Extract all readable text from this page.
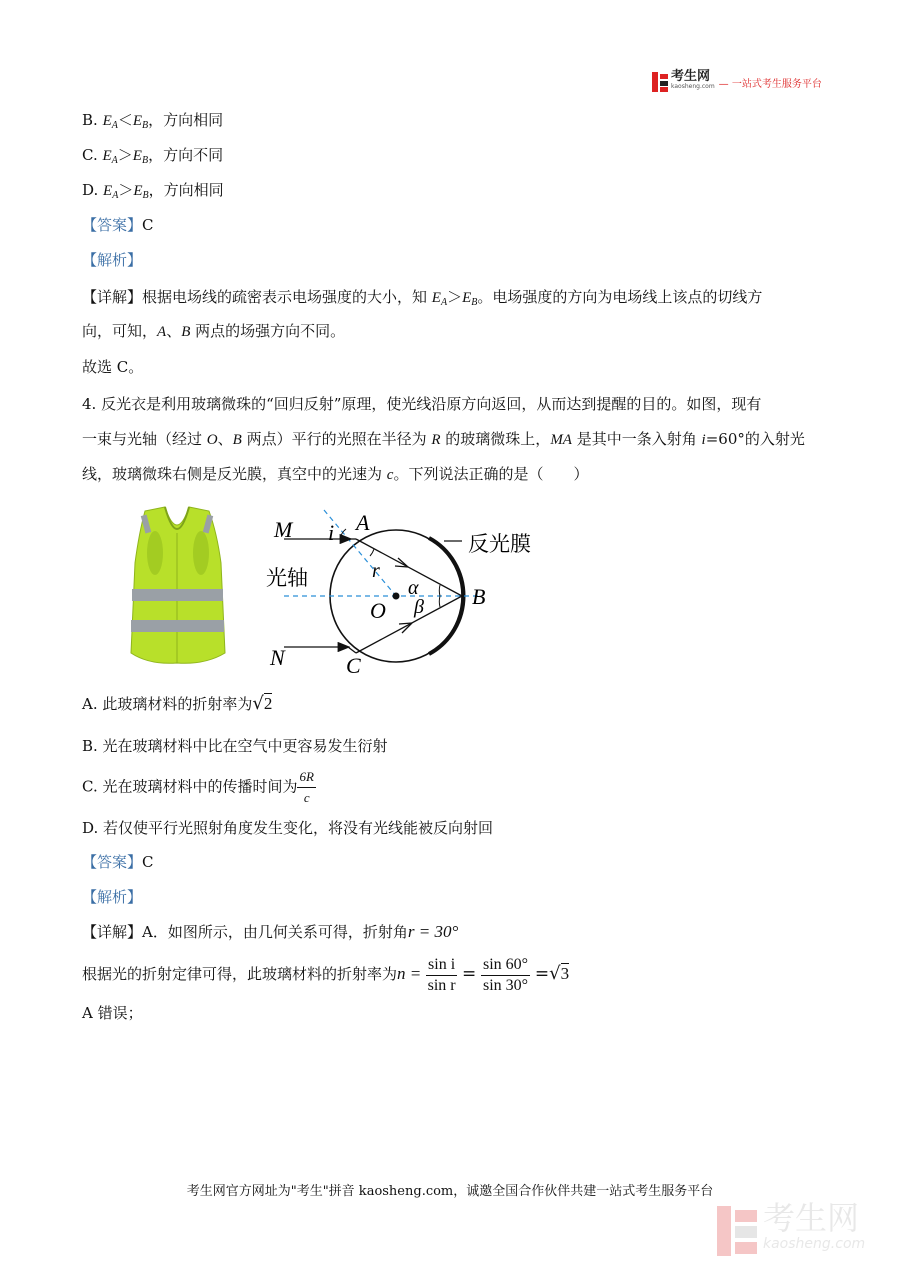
考生网
kaosheng.com — 一站式考生服务平台
B. $E_A<E_B$，方向相同
C. $E_A>E_B$，方向不同
D. $E_A>E_B$，方向相同
【答案】C
【解析】
【详解】根据电场线的疏密表示电场强度的大小，知 $E_A>E_B$。电场强度的方向为电场线上该点的切线方
向，可知，A、B 两点的场强方向不同。
故选 C。
4. 反光衣是利用玻璃微珠的“回归反射”原理，使光线沿原方向返回，从而达到提醒的目的。如图，现有
一束与光轴（经过 O、B 两点）平行的光照在半径为 R 的玻璃微珠上，MA 是其中一条入射角 i=60°的入射光
线，玻璃微珠右侧是反光膜，真空中的光速为 c。下列说法正确的是（　　）
M i A
反光膜
r
光轴	α
O β B
N	C
A. 此玻璃材料的折射率为√2
B. 光在玻璃材料中比在空气中更容易发生衍射
C. 光在玻璃材料中的传播时间为 $\frac{6R}{c}$
D. 若仅使平行光照射角度发生变化，将没有光线能被反向射回
【答案】C
【解析】
【详解】A．如图所示，由几何关系可得，折射角r = 30°
根据光的折射定律可得，此玻璃材料的折射率为$n = \frac{\text{sin i}}{\text{sin r}} = \frac{\sin 60^\circ}{\sin 30^\circ} =√3$
A 错误；
考生网官方网址为"考生"拼音 kaosheng.com，诚邀全国合作伙伴共建一站式考生服务平台
考生网
kaosheng.com
